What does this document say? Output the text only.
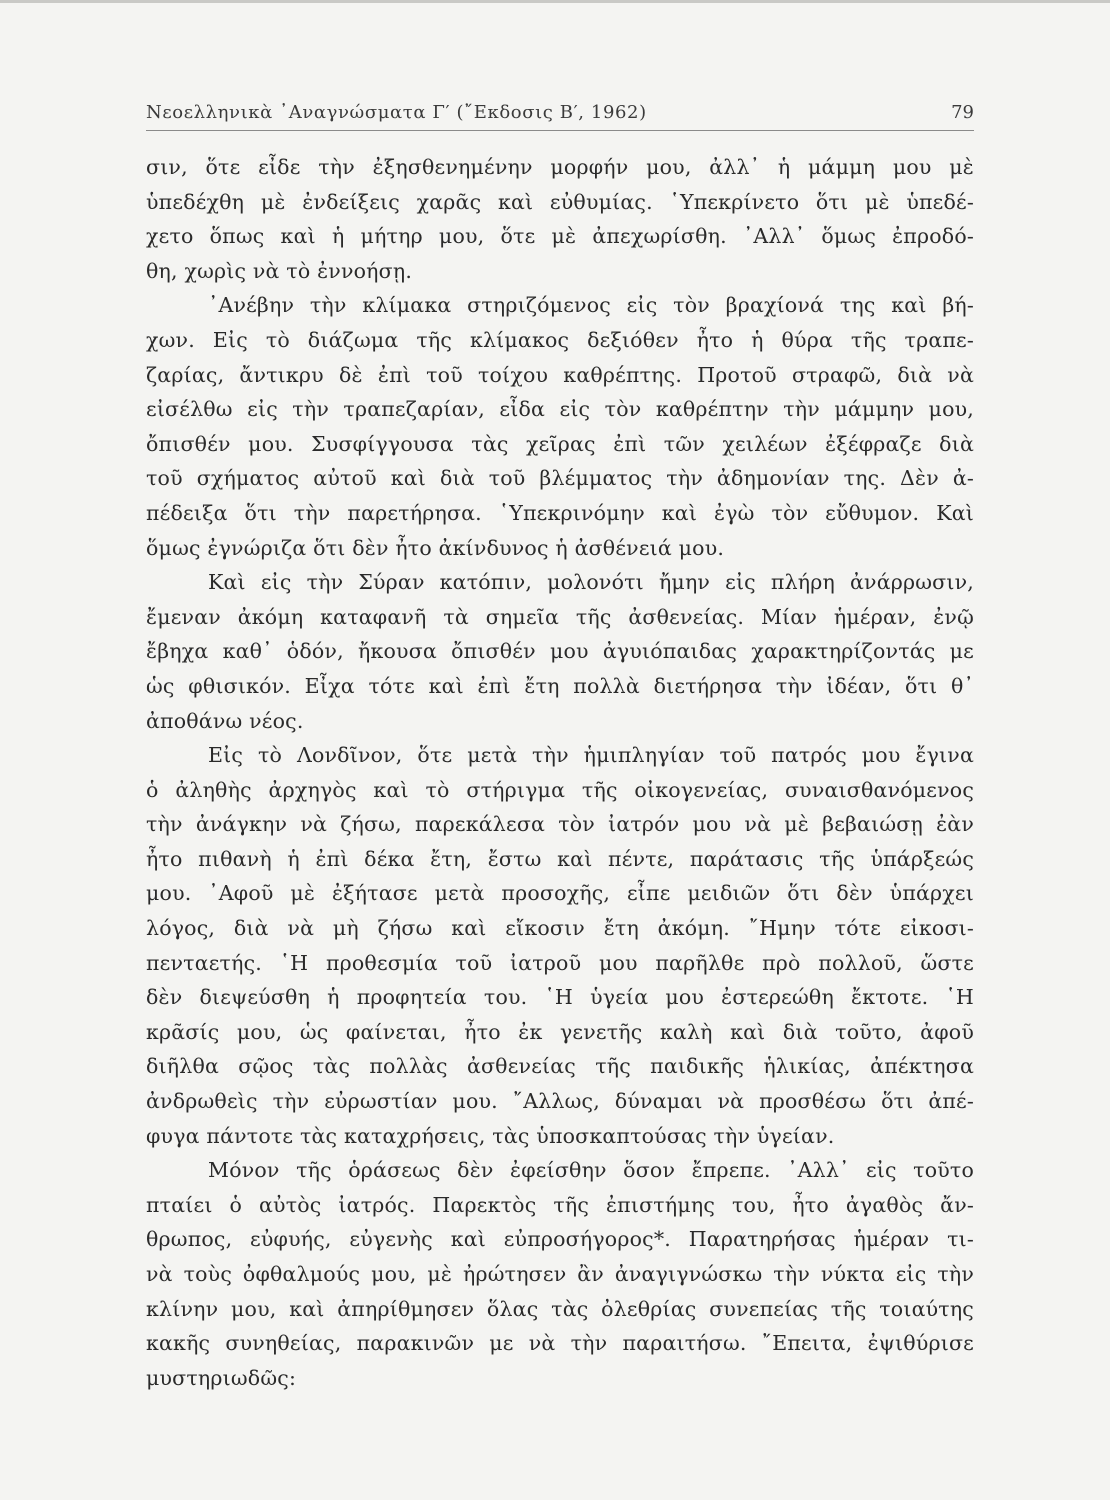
Νεοελληνικὰ ᾿Αναγνώσματα Γ′ (῎Εκδοσις Β′, 1962)	79
σιν, ὅτε εἶδε τὴν ἐξησθενημένην μορφήν μου, ἀλλ᾿ ἡ μάμμη μου μὲ
ὑπεδέχθη μὲ ἐνδείξεις χαρᾶς καὶ εὐθυμίας. ῾Υπεκρίνετο ὅτι μὲ ὑπεδέ-
χετο ὅπως καὶ ἡ μήτηρ μου, ὅτε μὲ ἀπεχωρίσθη. ᾿Αλλ᾿ ὅμως ἐπροδό-
θη, χωρὶς νὰ τὸ ἐννοήσῃ.
᾿Ανέβην τὴν κλίμακα στηριζόμενος εἰς τὸν βραχίονά της καὶ βή-
χων. Εἰς τὸ διάζωμα τῆς κλίμακος δεξιόθεν ἦτο ἡ θύρα τῆς τραπε-
ζαρίας, ἄντικρυ δὲ ἐπὶ τοῦ τοίχου καθρέπτης. Προτοῦ στραφῶ, διὰ νὰ
εἰσέλθω εἰς τὴν τραπεζαρίαν, εἶδα εἰς τὸν καθρέπτην τὴν μάμμην μου,
ὄπισθέν μου. Συσφίγγουσα τὰς χεῖρας ἐπὶ τῶν χειλέων ἐξέφραζε διὰ
τοῦ σχήματος αὐτοῦ καὶ διὰ τοῦ βλέμματος τὴν ἀδημονίαν της. Δὲν ἀ-
πέδειξα ὅτι τὴν παρετήρησα. ῾Υπεκρινόμην καὶ ἐγὼ τὸν εὔθυμον. Καὶ
ὅμως ἐγνώριζα ὅτι δὲν ἦτο ἀκίνδυνος ἡ ἀσθένειά μου.
Καὶ εἰς τὴν Σύραν κατόπιν, μολονότι ἤμην εἰς πλήρη ἀνάρρωσιν,
ἔμεναν ἀκόμη καταφανῆ τὰ σημεῖα τῆς ἀσθενείας. Μίαν ἡμέραν, ἐνῷ
ἔβηχα καθ᾿ ὁδόν, ἤκουσα ὄπισθέν μου ἀγυιόπαιδας χαρακτηρίζοντάς με
ὡς φθισικόν. Εἶχα τότε καὶ ἐπὶ ἔτη πολλὰ διετήρησα τὴν ἰδέαν, ὅτι θ᾿
ἀποθάνω νέος.
Εἰς τὸ Λονδῖνον, ὅτε μετὰ τὴν ἡμιπληγίαν τοῦ πατρός μου ἔγινα
ὁ ἀληθὴς ἀρχηγὸς καὶ τὸ στήριγμα τῆς οἰκογενείας, συναισθανόμενος
τὴν ἀνάγκην νὰ ζήσω, παρεκάλεσα τὸν ἰατρόν μου νὰ μὲ βεβαιώσῃ ἐὰν
ἦτο πιθανὴ ἡ ἐπὶ δέκα ἔτη, ἔστω καὶ πέντε, παράτασις τῆς ὑπάρξεώς
μου. ᾿Αφοῦ μὲ ἐξήτασε μετὰ προσοχῆς, εἶπε μειδιῶν ὅτι δὲν ὑπάρχει
λόγος, διὰ νὰ μὴ ζήσω καὶ εἴκοσιν ἔτη ἀκόμη. ῎Ημην τότε εἰκοσι-
πενταετής. ῾Η προθεσμία τοῦ ἰατροῦ μου παρῆλθε πρὸ πολλοῦ, ὥστε
δὲν διεψεύσθη ἡ προφητεία του. ῾Η ὑγεία μου ἐστερεώθη ἔκτοτε. ῾Η
κρᾶσίς μου, ὡς φαίνεται, ἦτο ἐκ γενετῆς καλὴ καὶ διὰ τοῦτο, ἀφοῦ
διῆλθα σῷος τὰς πολλὰς ἀσθενείας τῆς παιδικῆς ἡλικίας, ἀπέκτησα
ἀνδρωθεὶς τὴν εὐρωστίαν μου. ῎Αλλως, δύναμαι νὰ προσθέσω ὅτι ἀπέ-
φυγα πάντοτε τὰς καταχρήσεις, τὰς ὑποσκαπτούσας τὴν ὑγείαν.
Μόνον τῆς ὁράσεως δὲν ἐφείσθην ὅσον ἔπρεπε. ᾿Αλλ᾿ εἰς τοῦτο
πταίει ὁ αὐτὸς ἰατρός. Παρεκτὸς τῆς ἐπιστήμης του, ἦτο ἀγαθὸς ἄν-
θρωπος, εὐφυής, εὐγενὴς καὶ εὐπροσήγορος*. Παρατηρήσας ἡμέραν τι-
νὰ τοὺς ὀφθαλμούς μου, μὲ ἠρώτησεν ἂν ἀναγιγνώσκω τὴν νύκτα εἰς τὴν
κλίνην μου, καὶ ἀπηρίθμησεν ὅλας τὰς ὀλεθρίας συνεπείας τῆς τοιαύτης
κακῆς συνηθείας, παρακινῶν με νὰ τὴν παραιτήσω. ῎Επειτα, ἐψιθύρισε
μυστηριωδῶς:
